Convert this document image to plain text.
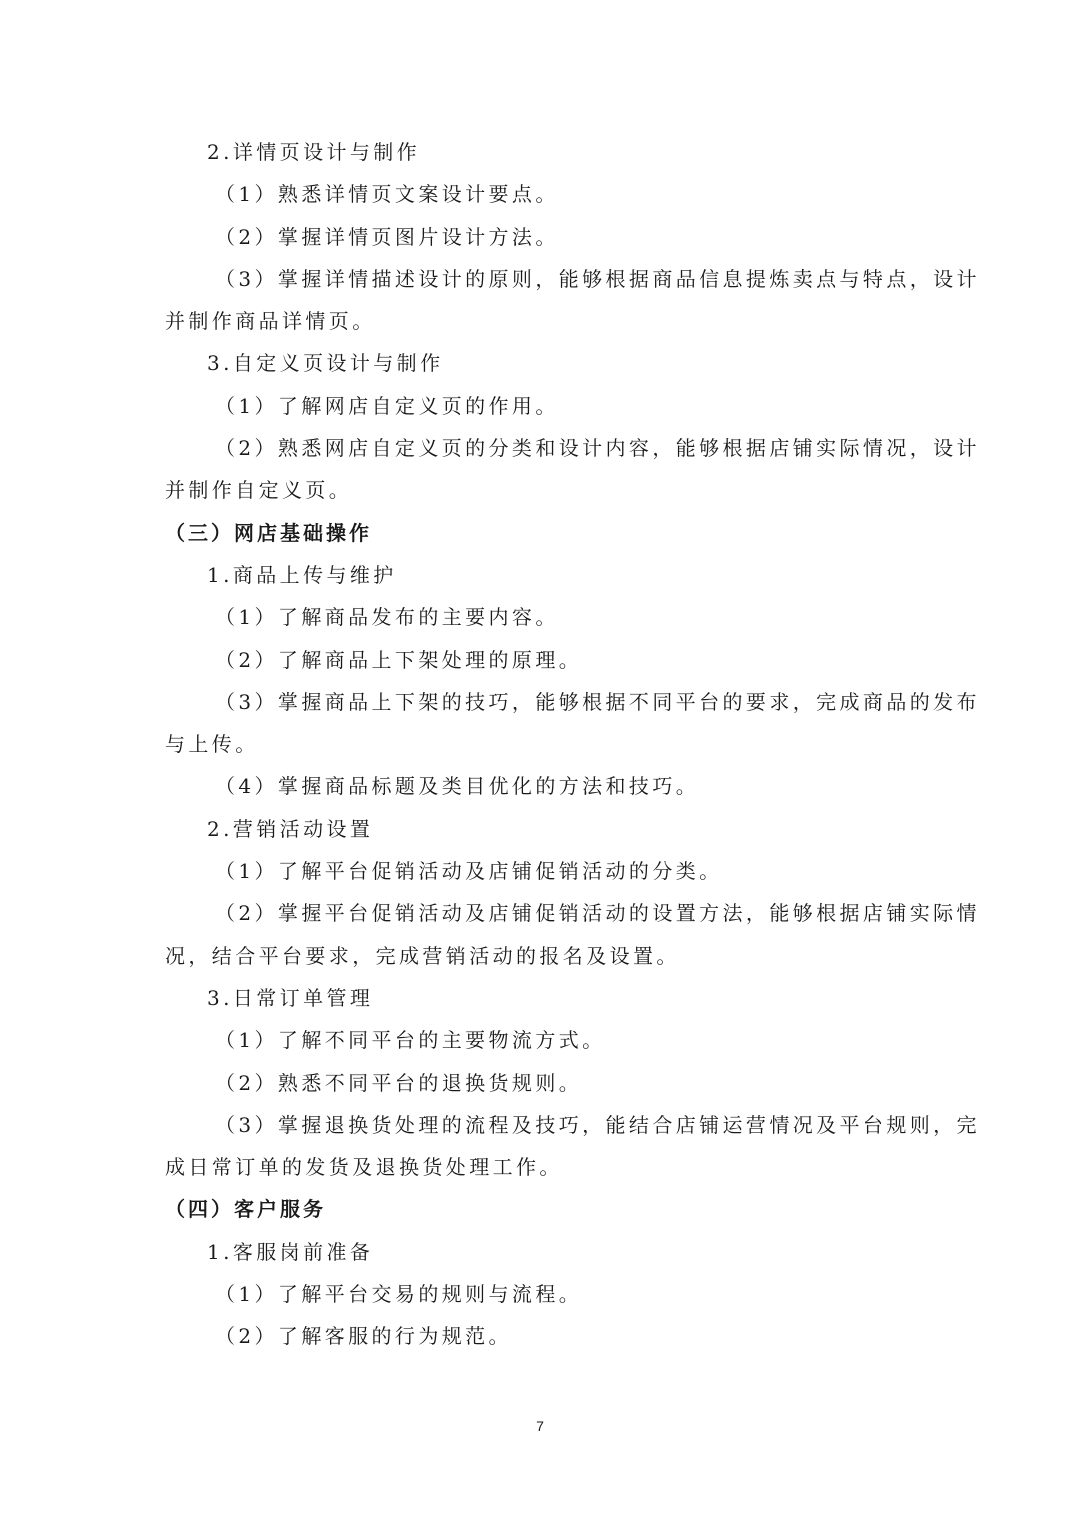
2.详情页设计与制作
（1）熟悉详情页文案设计要点。
（2）掌握详情页图片设计方法。
（3）掌握详情描述设计的原则，能够根据商品信息提炼卖点与特点，设计
并制作商品详情页。
3.自定义页设计与制作
（1）了解网店自定义页的作用。
（2）熟悉网店自定义页的分类和设计内容，能够根据店铺实际情况，设计
并制作自定义页。
（三）网店基础操作
1.商品上传与维护
（1）了解商品发布的主要内容。
（2）了解商品上下架处理的原理。
（3）掌握商品上下架的技巧，能够根据不同平台的要求，完成商品的发布
与上传。
（4）掌握商品标题及类目优化的方法和技巧。
2.营销活动设置
（1）了解平台促销活动及店铺促销活动的分类。
（2）掌握平台促销活动及店铺促销活动的设置方法，能够根据店铺实际情
况，结合平台要求，完成营销活动的报名及设置。
3.日常订单管理
（1）了解不同平台的主要物流方式。
（2）熟悉不同平台的退换货规则。
（3）掌握退换货处理的流程及技巧，能结合店铺运营情况及平台规则，完
成日常订单的发货及退换货处理工作。
（四）客户服务
1.客服岗前准备
（1）了解平台交易的规则与流程。
（2）了解客服的行为规范。
7
